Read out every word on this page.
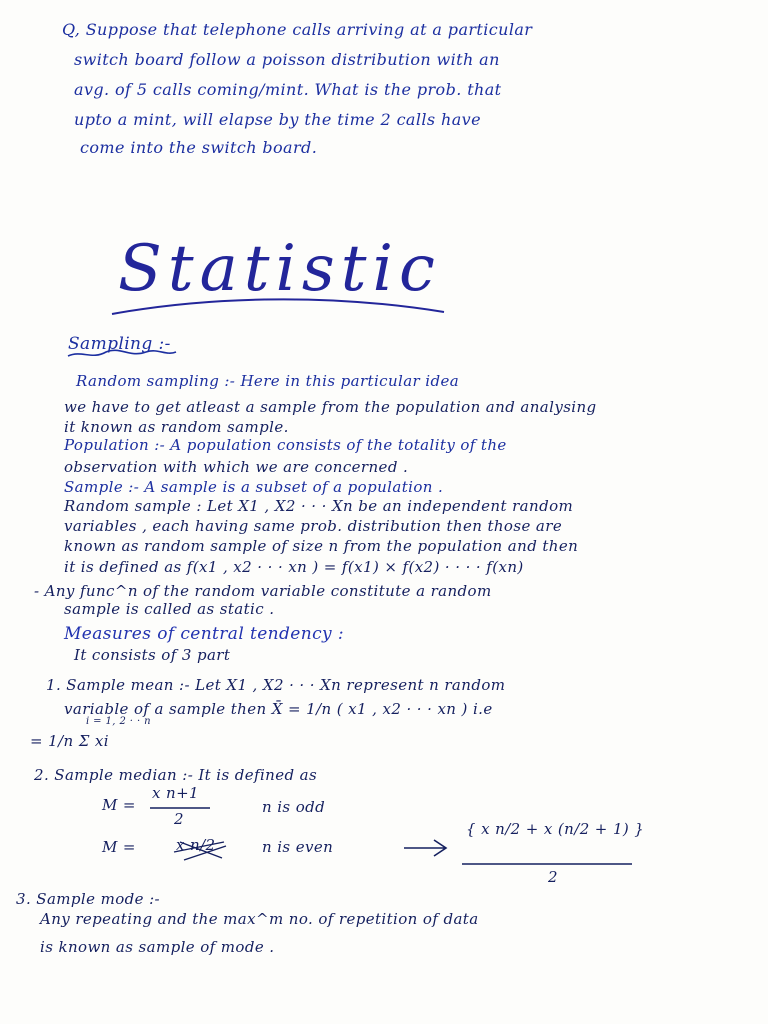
Q, Suppose that telephone calls arriving at a particular
switch board follow a poisson distribution with an
avg. of 5 calls coming/mint. What is the prob. that
upto a mint, will elapse by the time 2 calls have
come into the switch board.
Statistic
Sampling :-
Random sampling :- Here in this particular idea
we have to get atleast a sample from the population and analysing
it known as random sample.
Population :- A population consists of the totality of the
observation with which we are concerned .
Sample :- A sample is a subset of a population .
Random sample : Let X1 , X2 · · · Xn be an independent random
variables , each having same prob. distribution then those are
known as random sample of size n from the population and then
it is defined as f(x1 , x2 · · · xn ) = f(x1) × f(x2) · · · · f(xn)
- Any func^n of the random variable constitute a random
sample is called as static .
Measures of central tendency :
It consists of 3 part
1. Sample mean :- Let X1 , X2 · · · Xn represent n random
variable of a sample then X̄ = 1/n ( x1 , x2 · · · xn ) i.e
i = 1, 2 · · n
= 1/n Σ xi
2. Sample median :- It is defined as
M =
x n+1
2
n is odd
M =	x n/2	n is even
{ x n/2 + x (n/2 + 1) }
2
3. Sample mode :-
Any repeating and the max^m no. of repetition of data
is known as sample of mode .
